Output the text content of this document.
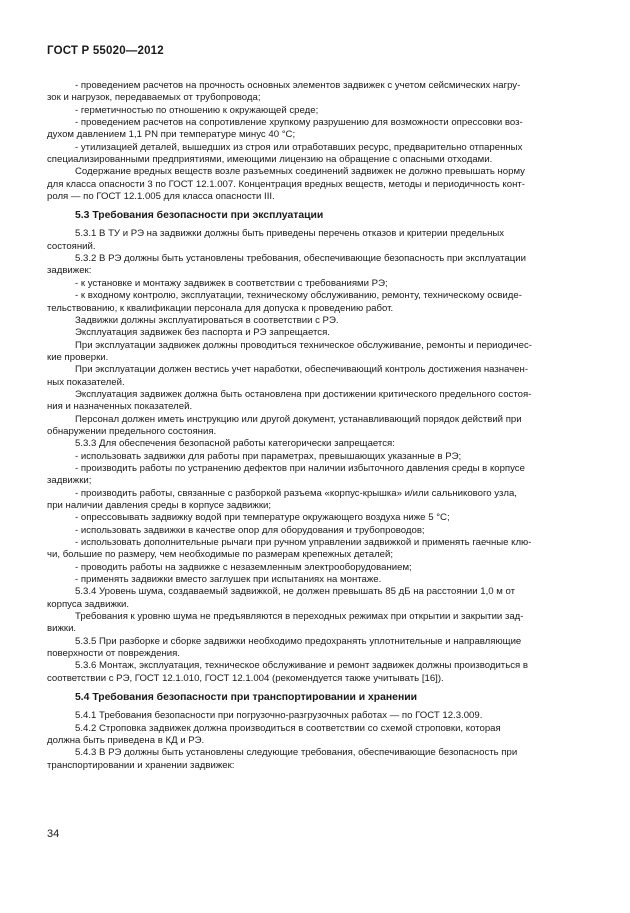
ГОСТ Р 55020—2012

- проведением расчетов на прочность основных элементов задвижек с учетом сейсмических нагру-

зок и нагрузок, передаваемых от трубопровода;

- герметичностью по отношению к окружающей среде;

- проведением расчетов на сопротивление хрупкому разрушению для возможности опрессовки воз-

духом давлением 1,1 PN при температуре минус 40 °С;

- утилизацией деталей, вышедших из строя или отработавших ресурс, предварительно отпаренных

специализированными предприятиями, имеющими лицензию на обращение с опасными отходами.

Содержание вредных веществ возле разъемных соединений задвижек не должно превышать норму

для класса опасности 3 по ГОСТ 12.1.007. Концентрация вредных веществ, методы и периодичность конт-

роля — по ГОСТ 12.1.005 для класса опасности III.

5.3 Требования безопасности при эксплуатации

5.3.1 В ТУ и РЭ на задвижки должны быть приведены перечень отказов и критерии предельных

состояний.

5.3.2 В РЭ должны быть установлены требования, обеспечивающие безопасность при эксплуатации

задвижек:

- к установке и монтажу задвижек в соответствии с требованиями РЭ;

- к входному контролю, эксплуатации, техническому обслуживанию, ремонту, техническому освиде-

тельствованию, к квалификации персонала для допуска к проведению работ.

Задвижки должны эксплуатироваться в соответствии с РЭ.

Эксплуатация задвижек без паспорта и РЭ запрещается.

При эксплуатации задвижек должны проводиться техническое обслуживание, ремонты и периодичес-

кие проверки.

При эксплуатации должен вестись учет наработки, обеспечивающий контроль достижения назначен-

ных показателей.

Эксплуатация задвижек должна быть остановлена при достижении критического предельного состоя-

ния и назначенных показателей.

Персонал должен иметь инструкцию или другой документ, устанавливающий порядок действий при

обнаружении предельного состояния.

5.3.3 Для обеспечения безопасной работы категорически запрещается:

- использовать задвижки для работы при параметрах, превышающих указанные в РЭ;

- производить работы по устранению дефектов при наличии избыточного давления среды в корпусе

задвижки;

- производить работы, связанные с разборкой разъема «корпус-крышка» и/или сальникового узла,

при наличии давления среды в корпусе задвижки;

- опрессовывать задвижку водой при температуре окружающего воздуха ниже 5 °С;

- использовать задвижки в качестве опор для оборудования и трубопроводов;

- использовать дополнительные рычаги при ручном управлении задвижкой и применять гаечные клю-

чи, большие по размеру, чем необходимые по размерам крепежных деталей;

- проводить работы на задвижке с незаземленным электрооборудованием;

- применять задвижки вместо заглушек при испытаниях на монтаже.

5.3.4 Уровень шума, создаваемый задвижкой, не должен превышать 85 дБ на расстоянии 1,0 м от

корпуса задвижки.

Требования к уровню шума не предъявляются в переходных режимах при открытии и закрытии зад-

вижки.

5.3.5 При разборке и сборке задвижки необходимо предохранять уплотнительные и направляющие

поверхности от повреждения.

5.3.6 Монтаж, эксплуатация, техническое обслуживание и ремонт задвижек должны производиться в

соответствии с РЭ, ГОСТ 12.1.010, ГОСТ 12.1.004 (рекомендуется также учитывать [16]).

5.4 Требования безопасности при транспортировании и хранении

5.4.1 Требования безопасности при погрузочно-разгрузочных работах — по ГОСТ 12.3.009.

5.4.2 Строповка задвижек должна производиться в соответствии со схемой строповки, которая

должна быть приведена в КД и РЭ.

5.4.3 В РЭ должны быть установлены следующие требования, обеспечивающие безопасность при

транспортировании и хранении задвижек:

34
